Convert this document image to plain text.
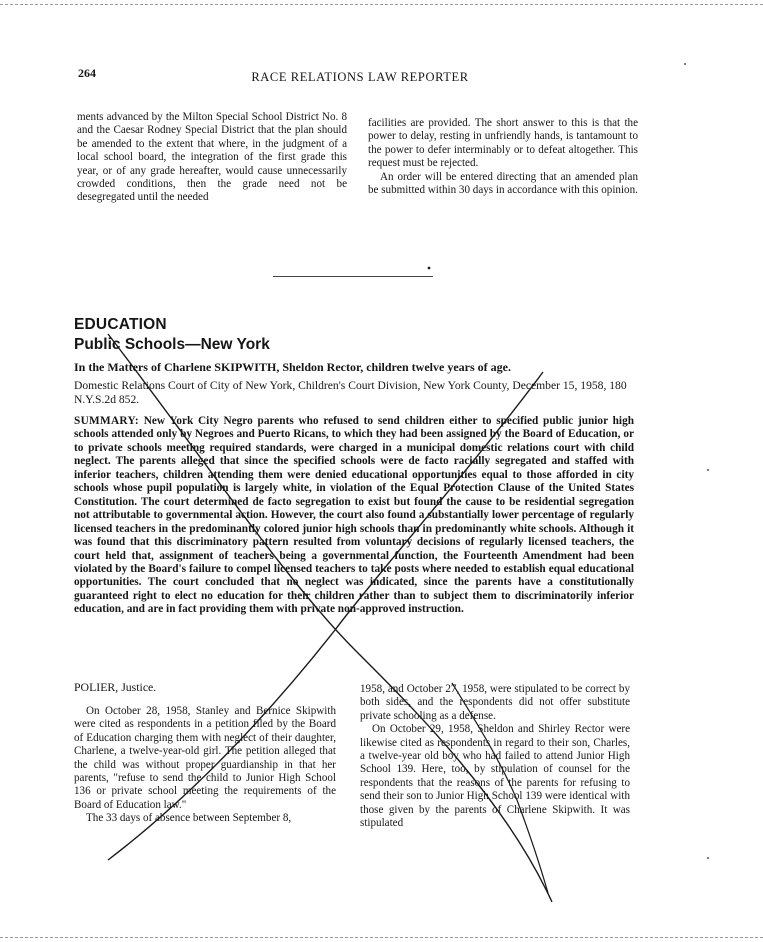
264	RACE RELATIONS LAW REPORTER

ments advanced by the Milton Special School District No. 8 and the Caesar Rodney Special District that the plan should be amended to the extent that where, in the judgment of a local school board, the integration of the first grade this year, or of any grade hereafter, would cause unnecessarily crowded conditions, then the grade need not be desegregated until the needed

facilities are provided. The short answer to this is that the power to delay, resting in unfriendly hands, is tantamount to the power to defer interminably or to defeat altogether. This request must be rejected.

An order will be entered directing that an amended plan be submitted within 30 days in accordance with this opinion.

EDUCATION
Public Schools—New York
In the Matters of Charlene SKIPWITH, Sheldon Rector, children twelve years of age.
Domestic Relations Court of City of New York, Children's Court Division, New York County, December 15, 1958, 180 N.Y.S.2d 852.
SUMMARY: New York City Negro parents who refused to send children either to specified public junior high schools attended only by Negroes and Puerto Ricans, to which they had been assigned by the Board of Education, or to private schools meeting required standards, were charged in a municipal domestic relations court with child neglect. The parents alleged that since the specified schools were de facto racially segregated and staffed with inferior teachers, children attending them were denied educational opportunities equal to those afforded in city schools whose pupil population is largely white, in violation of the Equal Protection Clause of the United States Constitution. The court determined de facto segregation to exist but found the cause to be residential segregation not attributable to governmental action. However, the court also found a substantially lower percentage of regularly licensed teachers in the predominantly colored junior high schools than in predominantly white schools. Although it was found that this discriminatory pattern resulted from voluntary decisions of regularly licensed teachers, the court held that, assignment of teachers being a governmental function, the Fourteenth Amendment had been violated by the Board's failure to compel licensed teachers to take posts where needed to establish equal educational opportunities. The court concluded that no neglect was indicated, since the parents have a constitutionally guaranteed right to elect no education for their children rather than to subject them to discriminatorily inferior education, and are in fact providing them with private non-approved instruction.
POLIER, Justice.

On October 28, 1958, Stanley and Bernice Skipwith were cited as respondents in a petition filed by the Board of Education charging them with neglect of their daughter, Charlene, a twelve-year-old girl. The petition alleged that the child was without proper guardianship in that her parents, "refuse to send the child to Junior High School 136 or private school meeting the requirements of the Board of Education law."

The 33 days of absence between September 8,

1958, and October 27, 1958, were stipulated to be correct by both sides, and the respondents did not offer substitute private schooling as a defense.

On October 29, 1958, Sheldon and Shirley Rector were likewise cited as respondents in regard to their son, Charles, a twelve-year old boy who had failed to attend Junior High School 139. Here, too, by stipulation of counsel for the respondents that the reasons of the parents for refusing to send their son to Junior High School 139 were identical with those given by the parents of Charlene Skipwith. It was stipulated
